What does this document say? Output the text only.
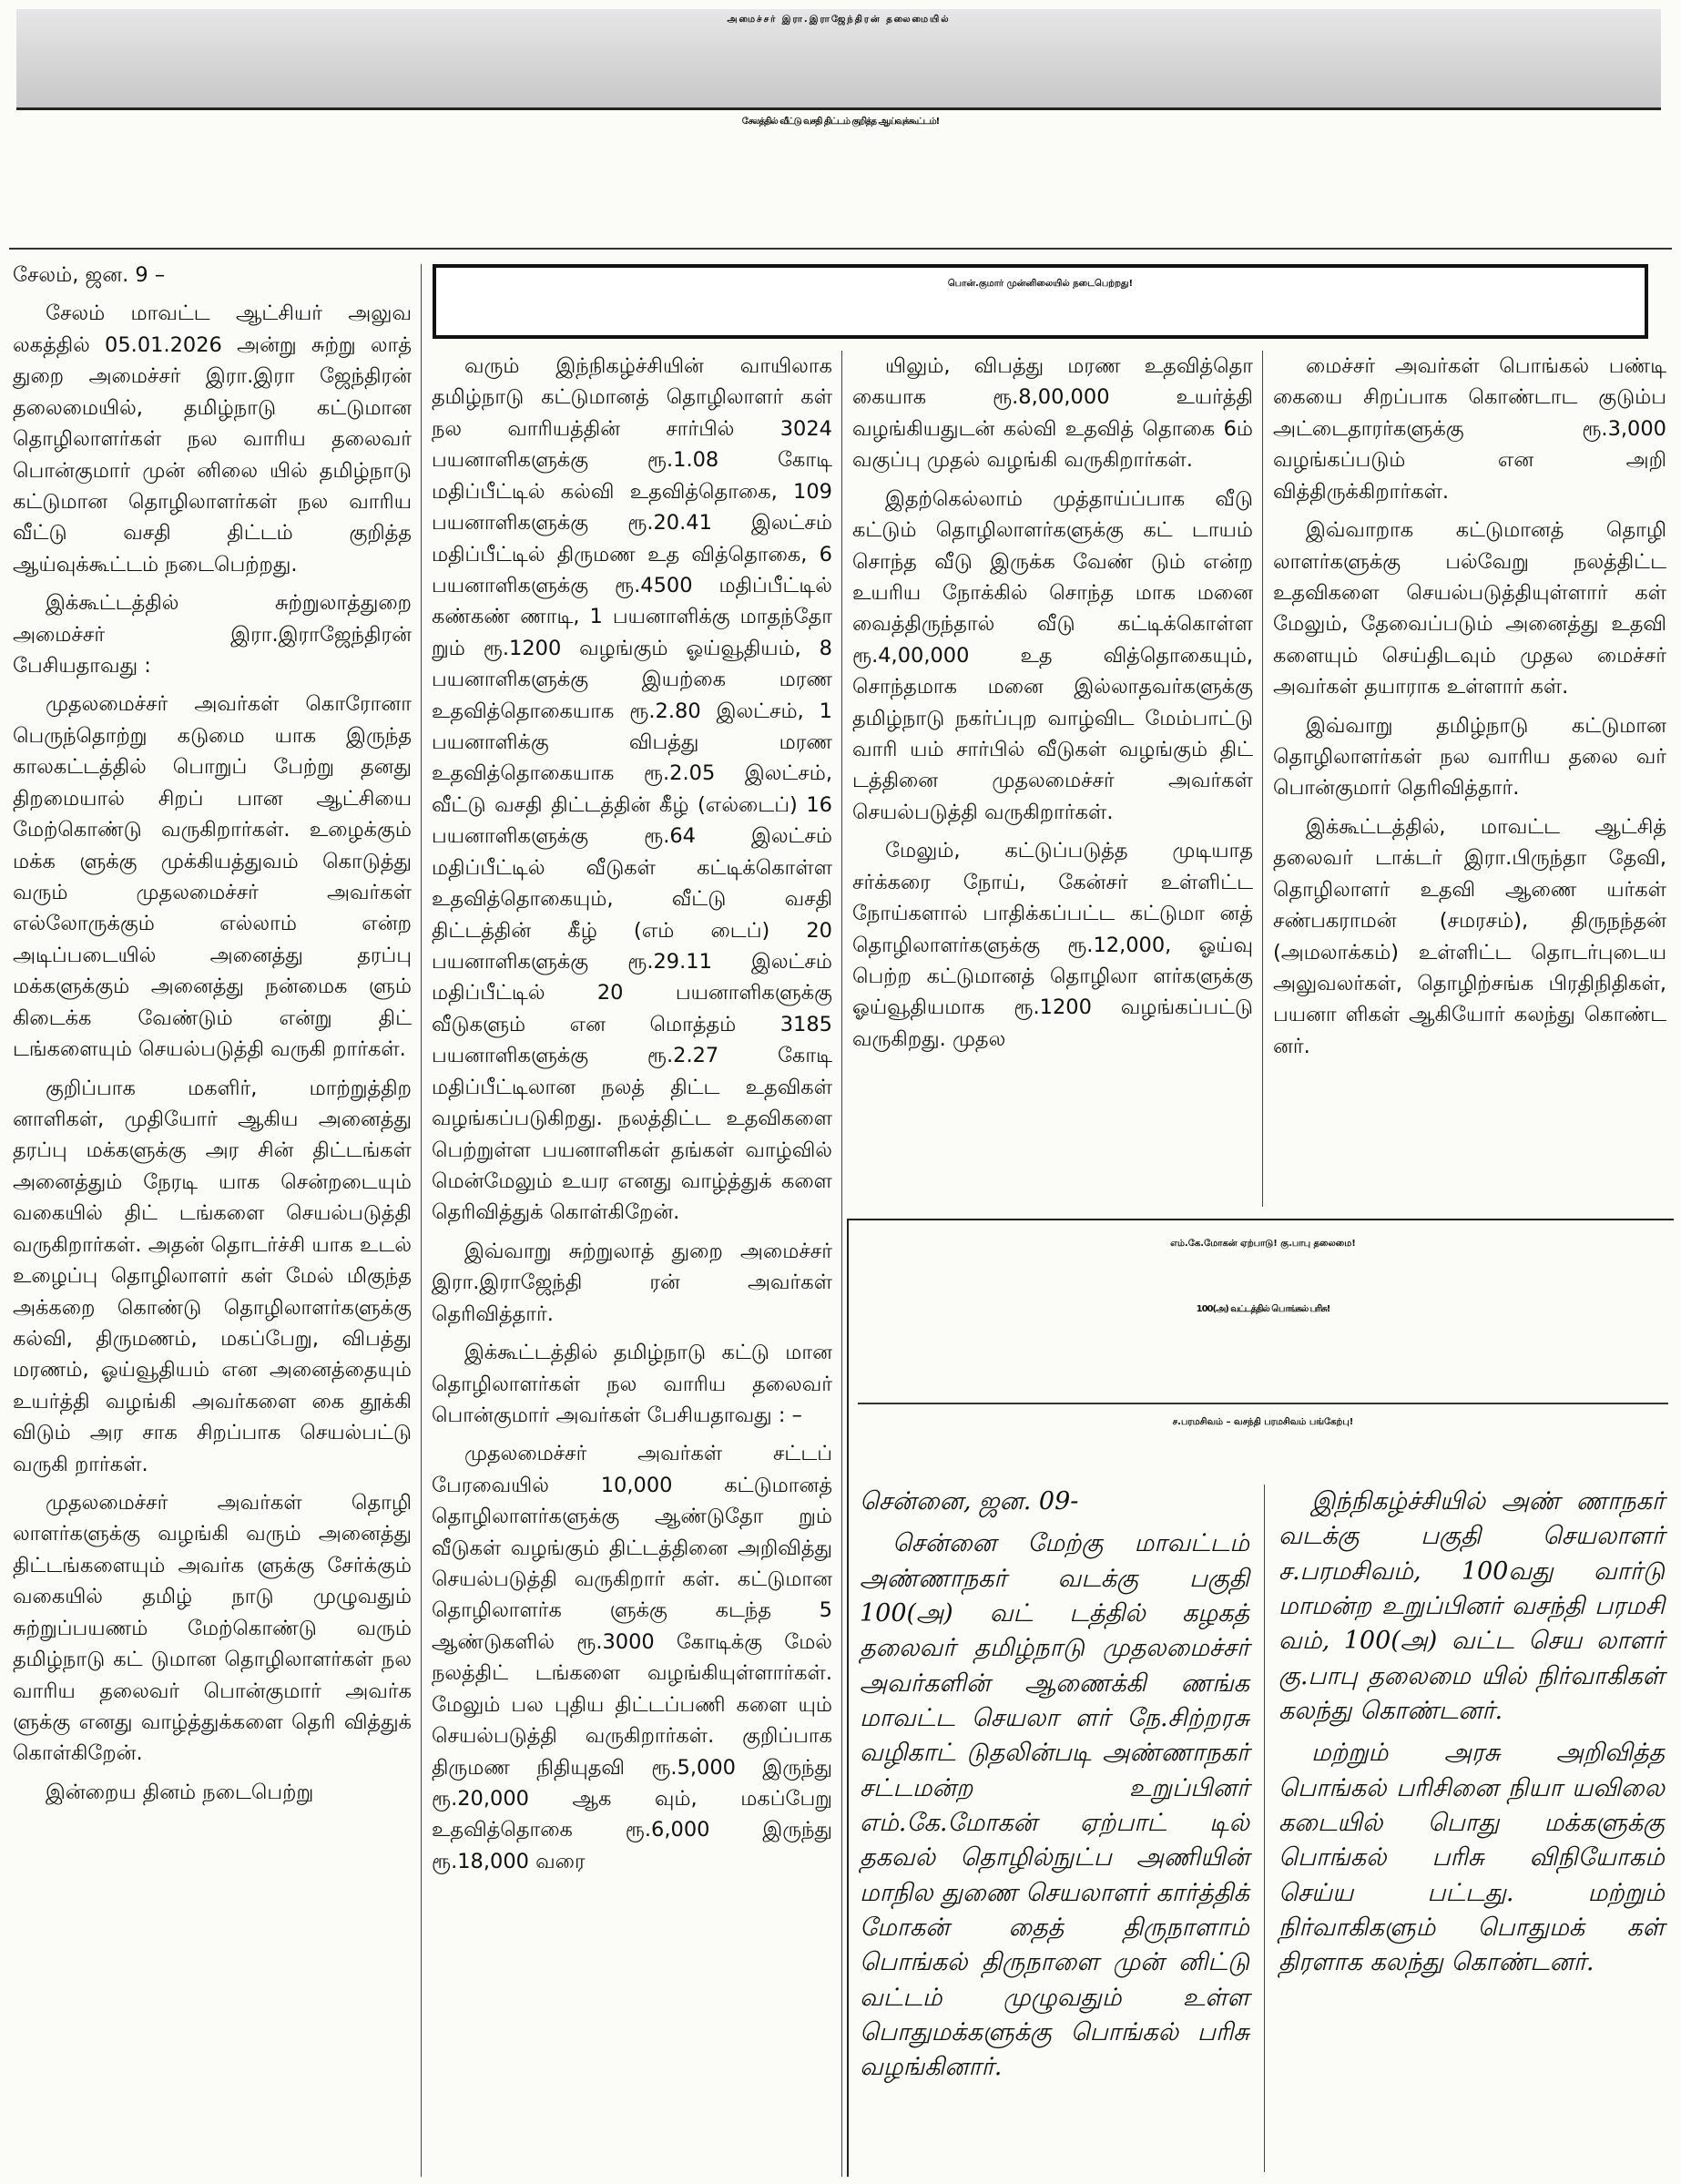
அமைச்சர் இரா.இராஜேந்திரன் தலைமையில்
சேலத்தில் வீட்டு வசதி திட்டம் குறித்த ஆய்வுக்கூட்டம்!
பொன்.குமார் முன்னிலையில் நடைபெற்றது!

சேலம், ஜன. 9 –

சேலம் மாவட்ட ஆட்சியர் அலுவ லகத்தில் 05.01.2026 அன்று சுற்று லாத் துறை அமைச்சர் இரா.இரா ஜேந்திரன் தலைமையில், தமிழ்நாடு கட்டுமான தொழிலாளர்கள் நல வாரிய தலைவர் பொன்குமார் முன் னிலை யில் தமிழ்நாடு கட்டுமான தொழிலாளர்கள் நல வாரிய வீட்டு வசதி திட்டம் குறித்த ஆய்வுக்கூட்டம் நடைபெற்றது.

இக்கூட்டத்தில் சுற்றுலாத்துறை அமைச்சர் இரா.இராஜேந்திரன் பேசியதாவது :

முதலமைச்சர் அவர்கள் கொரோனா பெருந்தொற்று கடுமை யாக இருந்த காலகட்டத்தில் பொறுப் பேற்று தனது திறமையால் சிறப் பான ஆட்சியை மேற்கொண்டு வருகிறார்கள். உழைக்கும் மக்க ளுக்கு முக்கியத்துவம் கொடுத்து வரும் முதலமைச்சர் அவர்கள் எல்லோருக்கும் எல்லாம் என்ற அடிப்படையில் அனைத்து தரப்பு மக்களுக்கும் அனைத்து நன்மைக ளும் கிடைக்க வேண்டும் என்று திட் டங்களையும் செயல்படுத்தி வருகி றார்கள்.

குறிப்பாக மகளிர், மாற்றுத்திற னாளிகள், முதியோர் ஆகிய அனைத்து தரப்பு மக்களுக்கு அர சின் திட்டங்கள் அனைத்தும் நேரடி யாக சென்றடையும் வகையில் திட் டங்களை செயல்படுத்தி வருகிறார்கள். அதன் தொடர்ச்சி யாக உடல் உழைப்பு தொழிலாளர் கள் மேல் மிகுந்த அக்கறை கொண்டு தொழிலாளர்களுக்கு கல்வி, திருமணம், மகப்பேறு, விபத்து மரணம், ஓய்வூதியம் என அனைத்தையும் உயர்த்தி வழங்கி அவர்களை கை தூக்கி விடும் அர சாக சிறப்பாக செயல்பட்டு வருகி றார்கள்.

முதலமைச்சர் அவர்கள் தொழி லாளர்களுக்கு வழங்கி வரும் அனைத்து திட்டங்களையும் அவர்க ளுக்கு சேர்க்கும் வகையில் தமிழ் நாடு முழுவதும் சுற்றுப்பயணம் மேற்கொண்டு வரும் தமிழ்நாடு கட் டுமான தொழிலாளர்கள் நல வாரிய தலைவர் பொன்குமார் அவர்க ளுக்கு எனது வாழ்த்துக்களை தெரி வித்துக் கொள்கிறேன்.

இன்றைய தினம் நடைபெற்று

வரும் இந்நிகழ்ச்சியின் வாயிலாக தமிழ்நாடு கட்டுமானத் தொழிலாளர் கள் நல வாரியத்தின் சார்பில் 3024 பயனாளிகளுக்கு ரூ.1.08 கோடி மதிப்பீட்டில் கல்வி உதவித்தொகை, 109 பயனாளிகளுக்கு ரூ.20.41 இலட்சம் மதிப்பீட்டில் திருமண உத வித்தொகை, 6 பயனாளிகளுக்கு ரூ.4500 மதிப்பீட்டில் கண்கண் ணாடி, 1 பயனாளிக்கு மாதந்தோ றும் ரூ.1200 வழங்கும் ஓய்வூதியம், 8 பயனாளிகளுக்கு இயற்கை மரண உதவித்தொகையாக ரூ.2.80 இலட்சம், 1 பயனாளிக்கு விபத்து மரண உதவித்தொகையாக ரூ.2.05 இலட்சம், வீட்டு வசதி திட்டத்தின் கீழ் (எல்டைப்) 16 பயனாளிகளுக்கு ரூ.64 இலட்சம் மதிப்பீட்டில் வீடுகள் கட்டிக்கொள்ள உதவித்தொகையும், வீட்டு வசதி திட்டத்தின் கீழ் (எம் டைப்) 20 பயனாளிகளுக்கு ரூ.29.11 இலட்சம் மதிப்பீட்டில் 20 பயனாளிகளுக்கு வீடுகளும் என மொத்தம் 3185 பயனாளிகளுக்கு ரூ.2.27 கோடி மதிப்பீட்டிலான நலத் திட்ட உதவிகள் வழங்கப்படுகிறது. நலத்திட்ட உதவிகளை பெற்றுள்ள பயனாளிகள் தங்கள் வாழ்வில் மென்மேலும் உயர எனது வாழ்த்துக் களை தெரிவித்துக் கொள்கிறேன்.

இவ்வாறு சுற்றுலாத் துறை அமைச்சர் இரா.இராஜேந்தி ரன் அவர்கள் தெரிவித்தார்.

இக்கூட்டத்தில் தமிழ்நாடு கட்டு மான தொழிலாளர்கள் நல வாரிய தலைவர் பொன்குமார் அவர்கள் பேசியதாவது : –

முதலமைச்சர் அவர்கள் சட்டப் பேரவையில் 10,000 கட்டுமானத் தொழிலாளர்களுக்கு ஆண்டுதோ றும் வீடுகள் வழங்கும் திட்டத்தினை அறிவித்து செயல்படுத்தி வருகிறார் கள். கட்டுமான தொழிலாளர்க ளுக்கு கடந்த 5 ஆண்டுகளில் ரூ.3000 கோடிக்கு மேல் நலத்திட் டங்களை வழங்கியுள்ளார்கள். மேலும் பல புதிய திட்டப்பணி களை யும் செயல்படுத்தி வருகிறார்கள். குறிப்பாக திருமண நிதியுதவி ரூ.5,000 இருந்து ரூ.20,000 ஆக வும், மகப்பேறு உதவித்தொகை ரூ.6,000 இருந்து ரூ.18,000 வரை

யிலும், விபத்து மரண உதவித்தொ கையாக ரூ.8,00,000 உயர்த்தி வழங்கியதுடன் கல்வி உதவித் தொகை 6ம் வகுப்பு முதல் வழங்கி வருகிறார்கள்.

இதற்கெல்லாம் முத்தாய்ப்பாக வீடு கட்டும் தொழிலாளர்களுக்கு கட் டாயம் சொந்த வீடு இருக்க வேண் டும் என்ற உயரிய நோக்கில் சொந்த மாக மனை வைத்திருந்தால் வீடு கட்டிக்கொள்ள ரூ.4,00,000 உத வித்தொகையும், சொந்தமாக மனை இல்லாதவர்களுக்கு தமிழ்நாடு நகர்ப்புற வாழ்விட மேம்பாட்டு வாரி யம் சார்பில் வீடுகள் வழங்கும் திட் டத்தினை முதலமைச்சர் அவர்கள் செயல்படுத்தி வருகிறார்கள்.

மேலும், கட்டுப்படுத்த முடியாத சர்க்கரை நோய், கேன்சர் உள்ளிட்ட நோய்களால் பாதிக்கப்பட்ட கட்டுமா னத் தொழிலாளர்களுக்கு ரூ.12,000, ஓய்வு பெற்ற கட்டுமானத் தொழிலா ளர்களுக்கு ஓய்வூதியமாக ரூ.1200 வழங்கப்பட்டு வருகிறது. முதல

மைச்சர் அவர்கள் பொங்கல் பண்டி கையை சிறப்பாக கொண்டாட குடும்ப அட்டைதாரர்களுக்கு ரூ.3,000 வழங்கப்படும் என அறி வித்திருக்கிறார்கள்.

இவ்வாறாக கட்டுமானத் தொழி லாளர்களுக்கு பல்வேறு நலத்திட்ட உதவிகளை செயல்படுத்தியுள்ளார் கள் மேலும், தேவைப்படும் அனைத்து உதவி களையும் செய்திடவும் முதல மைச்சர் அவர்கள் தயாராக உள்ளார் கள்.

இவ்வாறு தமிழ்நாடு கட்டுமான தொழிலாளர்கள் நல வாரிய தலை வர் பொன்குமார் தெரிவித்தார்.

இக்கூட்டத்தில், மாவட்ட ஆட்சித் தலைவர் டாக்டர் இரா.பிருந்தா தேவி, தொழிலாளர் உதவி ஆணை யர்கள் சண்பகராமன் (சமரசம்), திருநந்தன் (அமலாக்கம்) உள்ளிட்ட தொடர்புடைய அலுவலர்கள், தொழிற்சங்க பிரதிநிதிகள், பயனா ளிகள் ஆகியோர் கலந்து கொண்ட னர்.

எம்.கே.மோகன் ஏற்பாடு! கு.பாபு தலைமை!
100(அ) வட்டத்தில் பொங்கல் பரிசு!
ச.பரமசிவம் – வசந்தி பரமசிவம் பங்கேற்பு!

சென்னை, ஜன. 09-

சென்னை மேற்கு மாவட்டம் அண்ணாநகர் வடக்கு பகுதி 100(அ) வட் டத்தில் கழகத் தலைவர் தமிழ்நாடு முதலமைச்சர் அவர்களின் ஆணைக்கி ணங்க மாவட்ட செயலா ளர் நே.சிற்றரசு வழிகாட் டுதலின்படி அண்ணாநகர் சட்டமன்ற உறுப்பினர் எம்.கே.மோகன் ஏற்பாட் டில் தகவல் தொழில்நுட்ப அணியின் மாநில துணை செயலாளர் கார்த்திக் மோகன் தைத் திருநாளாம் பொங்கல் திருநாளை முன் னிட்டு வட்டம் முழுவதும் உள்ள பொதுமக்களுக்கு பொங்கல் பரிசு வழங்கினார்.

இந்நிகழ்ச்சியில் அண் ணாநகர் வடக்கு பகுதி செயலாளர் ச.பரமசிவம், 100வது வார்டு மாமன்ற உறுப்பினர் வசந்தி பரமசி வம், 100(அ) வட்ட செய லாளர் கு.பாபு தலைமை யில் நிர்வாகிகள் கலந்து கொண்டனர்.

மற்றும் அரசு அறிவித்த பொங்கல் பரிசினை நியா யவிலை கடையில் பொது மக்களுக்கு பொங்கல் பரிசு விநியோகம் செய்ய பட்டது. மற்றும் நிர்வாகிகளும் பொதுமக் கள் திரளாக கலந்து கொண்டனர்.
